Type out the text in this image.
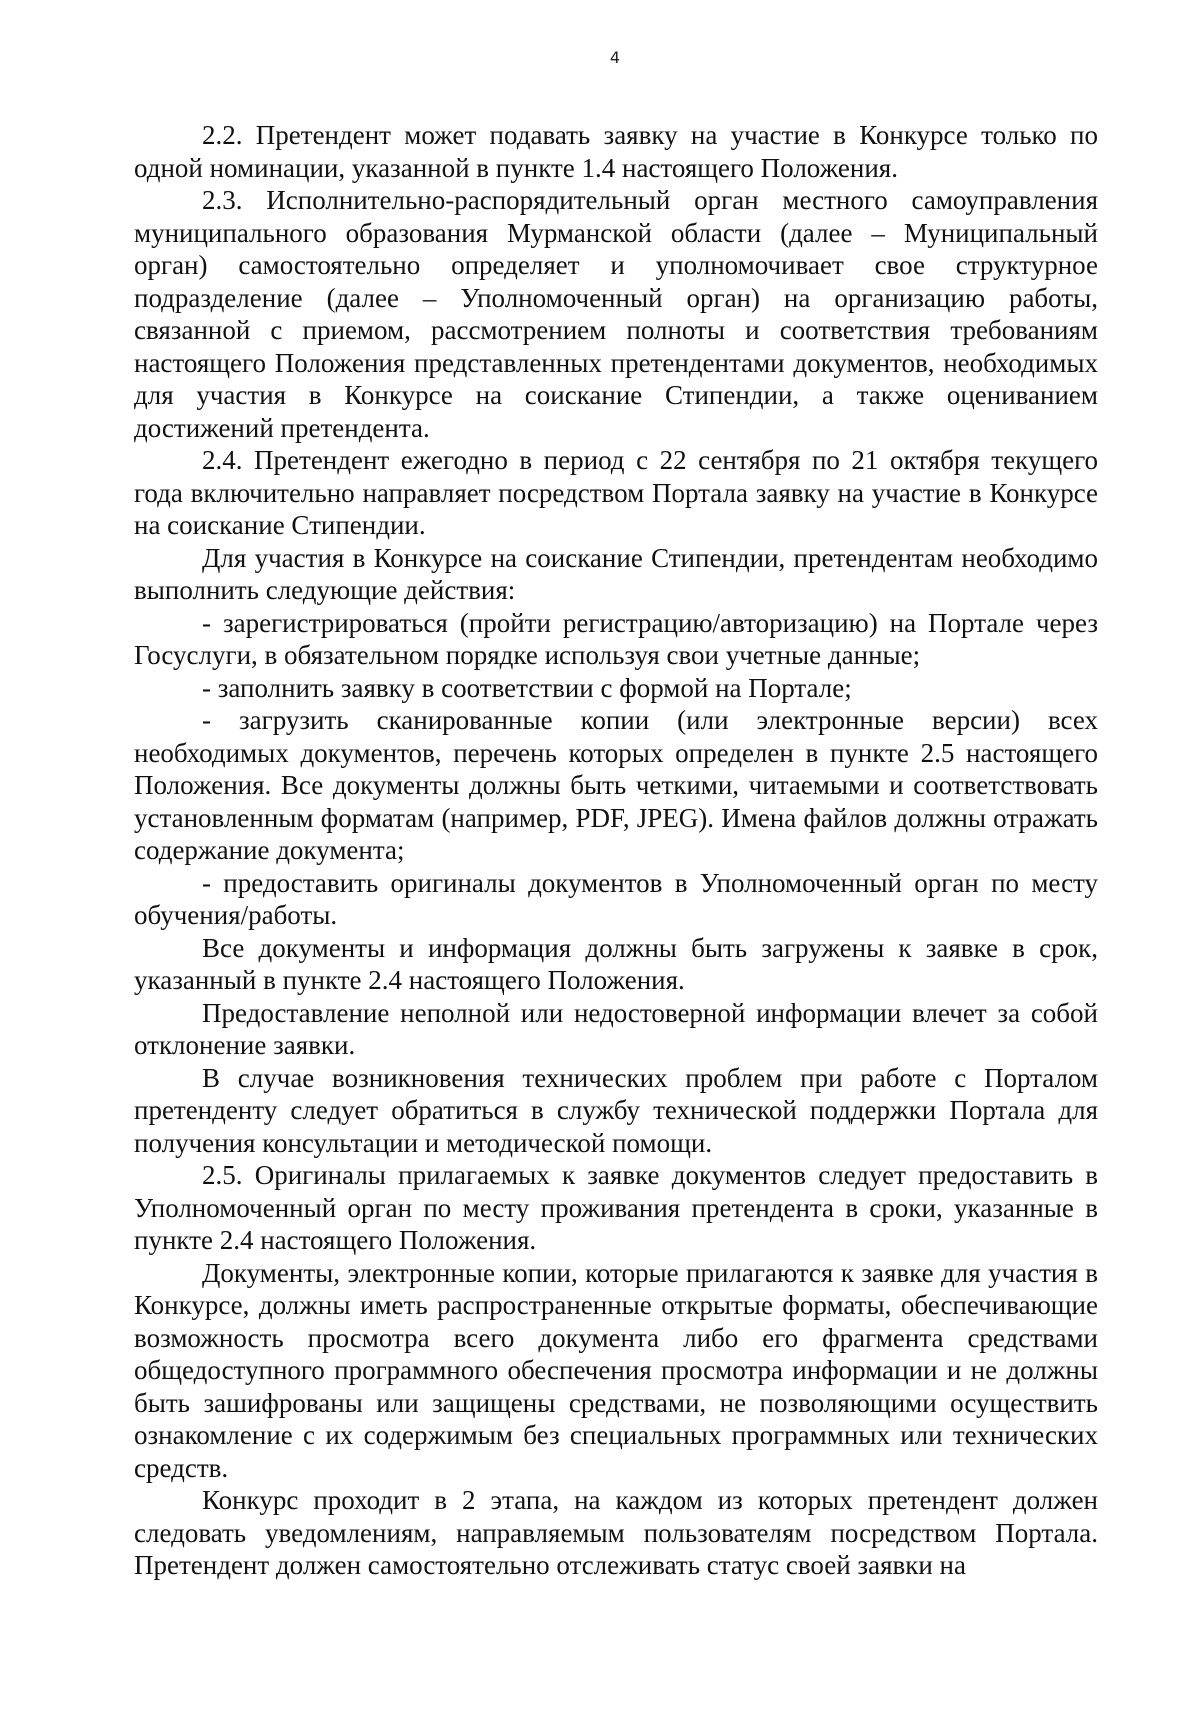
4

2.2. Претендент может подавать заявку на участие в Конкурсе только по одной номинации, указанной в пункте 1.4 настоящего Положения.

2.3. Исполнительно-распорядительный орган местного самоуправления муниципального образования Мурманской области (далее – Муниципальный орган) самостоятельно определяет и уполномочивает свое структурное подразделение (далее – Уполномоченный орган) на организацию работы, связанной с приемом, рассмотрением полноты и соответствия требованиям настоящего Положения представленных претендентами документов, необходимых для участия в Конкурсе на соискание Стипендии, а также оцениванием достижений претендента.

2.4. Претендент ежегодно в период с 22 сентября по 21 октября текущего года включительно направляет посредством Портала заявку на участие в Конкурсе на соискание Стипендии.

Для участия в Конкурсе на соискание Стипендии, претендентам необходимо выполнить следующие действия:

- зарегистрироваться (пройти регистрацию/авторизацию) на Портале через Госуслуги, в обязательном порядке используя свои учетные данные;

- заполнить заявку в соответствии с формой на Портале;

- загрузить сканированные копии (или электронные версии) всех необходимых документов, перечень которых определен в пункте 2.5 настоящего Положения. Все документы должны быть четкими, читаемыми и соответствовать установленным форматам (например, PDF, JPEG). Имена файлов должны отражать содержание документа;

- предоставить оригиналы документов в Уполномоченный орган по месту обучения/работы.

Все документы и информация должны быть загружены к заявке в срок, указанный в пункте 2.4 настоящего Положения.

Предоставление неполной или недостоверной информации влечет за собой отклонение заявки.

В случае возникновения технических проблем при работе с Порталом претенденту следует обратиться в службу технической поддержки Портала для получения консультации и методической помощи.

2.5. Оригиналы прилагаемых к заявке документов следует предоставить в Уполномоченный орган по месту проживания претендента в сроки, указанные в пункте 2.4 настоящего Положения.

Документы, электронные копии, которые прилагаются к заявке для участия в Конкурсе, должны иметь распространенные открытые форматы, обеспечивающие возможность просмотра всего документа либо его фрагмента средствами общедоступного программного обеспечения просмотра информации и не должны быть зашифрованы или защищены средствами, не позволяющими осуществить ознакомление с их содержимым без специальных программных или технических средств.

Конкурс проходит в 2 этапа, на каждом из которых претендент должен следовать уведомлениям, направляемым пользователям посредством Портала. Претендент должен самостоятельно отслеживать статус своей заявки на
